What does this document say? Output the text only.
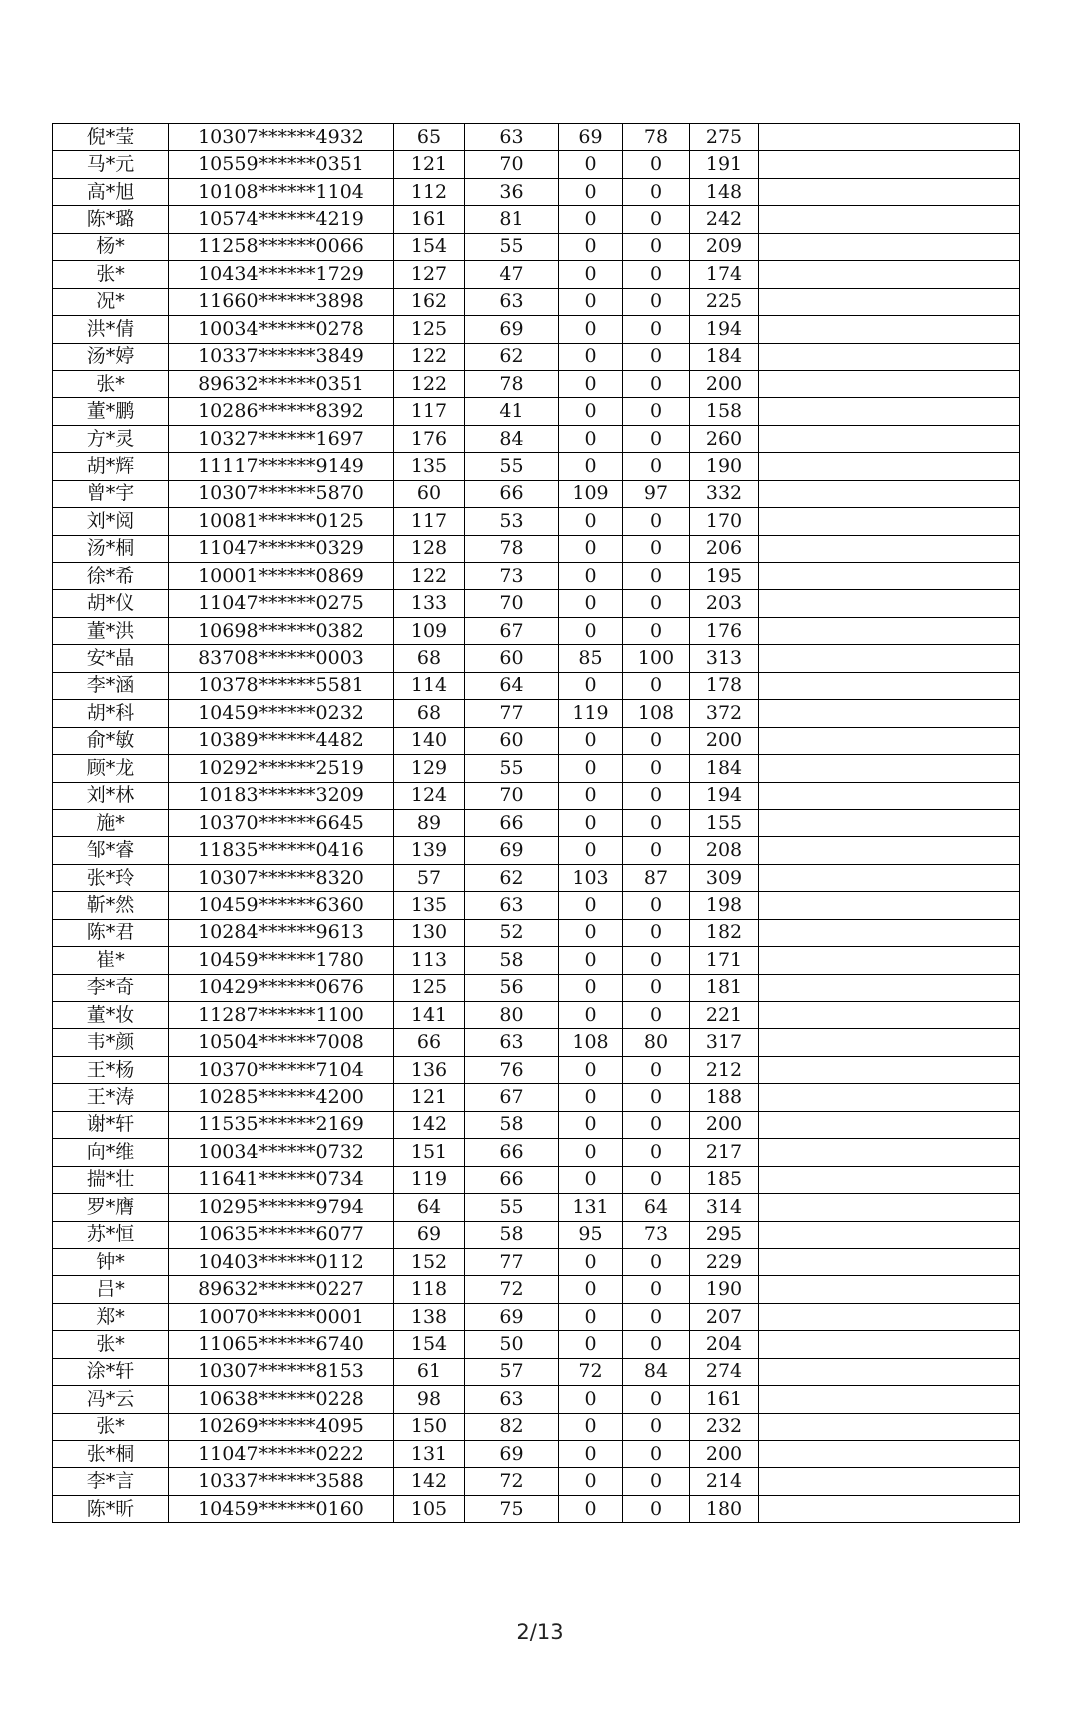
倪*莹	10307******4932	65	63	69	78	275	
马*元	10559******0351	121	70	0	0	191	
高*旭	10108******1104	112	36	0	0	148	
陈*璐	10574******4219	161	81	0	0	242	
杨*	11258******0066	154	55	0	0	209	
张*	10434******1729	127	47	0	0	174	
况*	11660******3898	162	63	0	0	225	
洪*倩	10034******0278	125	69	0	0	194	
汤*婷	10337******3849	122	62	0	0	184	
张*	89632******0351	122	78	0	0	200	
董*鹏	10286******8392	117	41	0	0	158	
方*灵	10327******1697	176	84	0	0	260	
胡*辉	11117******9149	135	55	0	0	190	
曾*宇	10307******5870	60	66	109	97	332	
刘*阅	10081******0125	117	53	0	0	170	
汤*桐	11047******0329	128	78	0	0	206	
徐*希	10001******0869	122	73	0	0	195	
胡*仪	11047******0275	133	70	0	0	203	
董*洪	10698******0382	109	67	0	0	176	
安*晶	83708******0003	68	60	85	100	313	
李*涵	10378******5581	114	64	0	0	178	
胡*科	10459******0232	68	77	119	108	372	
俞*敏	10389******4482	140	60	0	0	200	
顾*龙	10292******2519	129	55	0	0	184	
刘*林	10183******3209	124	70	0	0	194	
施*	10370******6645	89	66	0	0	155	
邹*睿	11835******0416	139	69	0	0	208	
张*玲	10307******8320	57	62	103	87	309	
靳*然	10459******6360	135	63	0	0	198	
陈*君	10284******9613	130	52	0	0	182	
崔*	10459******1780	113	58	0	0	171	
李*奇	10429******0676	125	56	0	0	181	
董*妆	11287******1100	141	80	0	0	221	
韦*颜	10504******7008	66	63	108	80	317	
王*杨	10370******7104	136	76	0	0	212	
王*涛	10285******4200	121	67	0	0	188	
谢*轩	11535******2169	142	58	0	0	200	
向*维	10034******0732	151	66	0	0	217	
揣*壮	11641******0734	119	66	0	0	185	
罗*膺	10295******9794	64	55	131	64	314	
苏*恒	10635******6077	69	58	95	73	295	
钟*	10403******0112	152	77	0	0	229	
吕*	89632******0227	118	72	0	0	190	
郑*	10070******0001	138	69	0	0	207	
张*	11065******6740	154	50	0	0	204	
涂*轩	10307******8153	61	57	72	84	274	
冯*云	10638******0228	98	63	0	0	161	
张*	10269******4095	150	82	0	0	232	
张*桐	11047******0222	131	69	0	0	200	
李*言	10337******3588	142	72	0	0	214	
陈*昕	10459******0160	105	75	0	0	180	
2/13
